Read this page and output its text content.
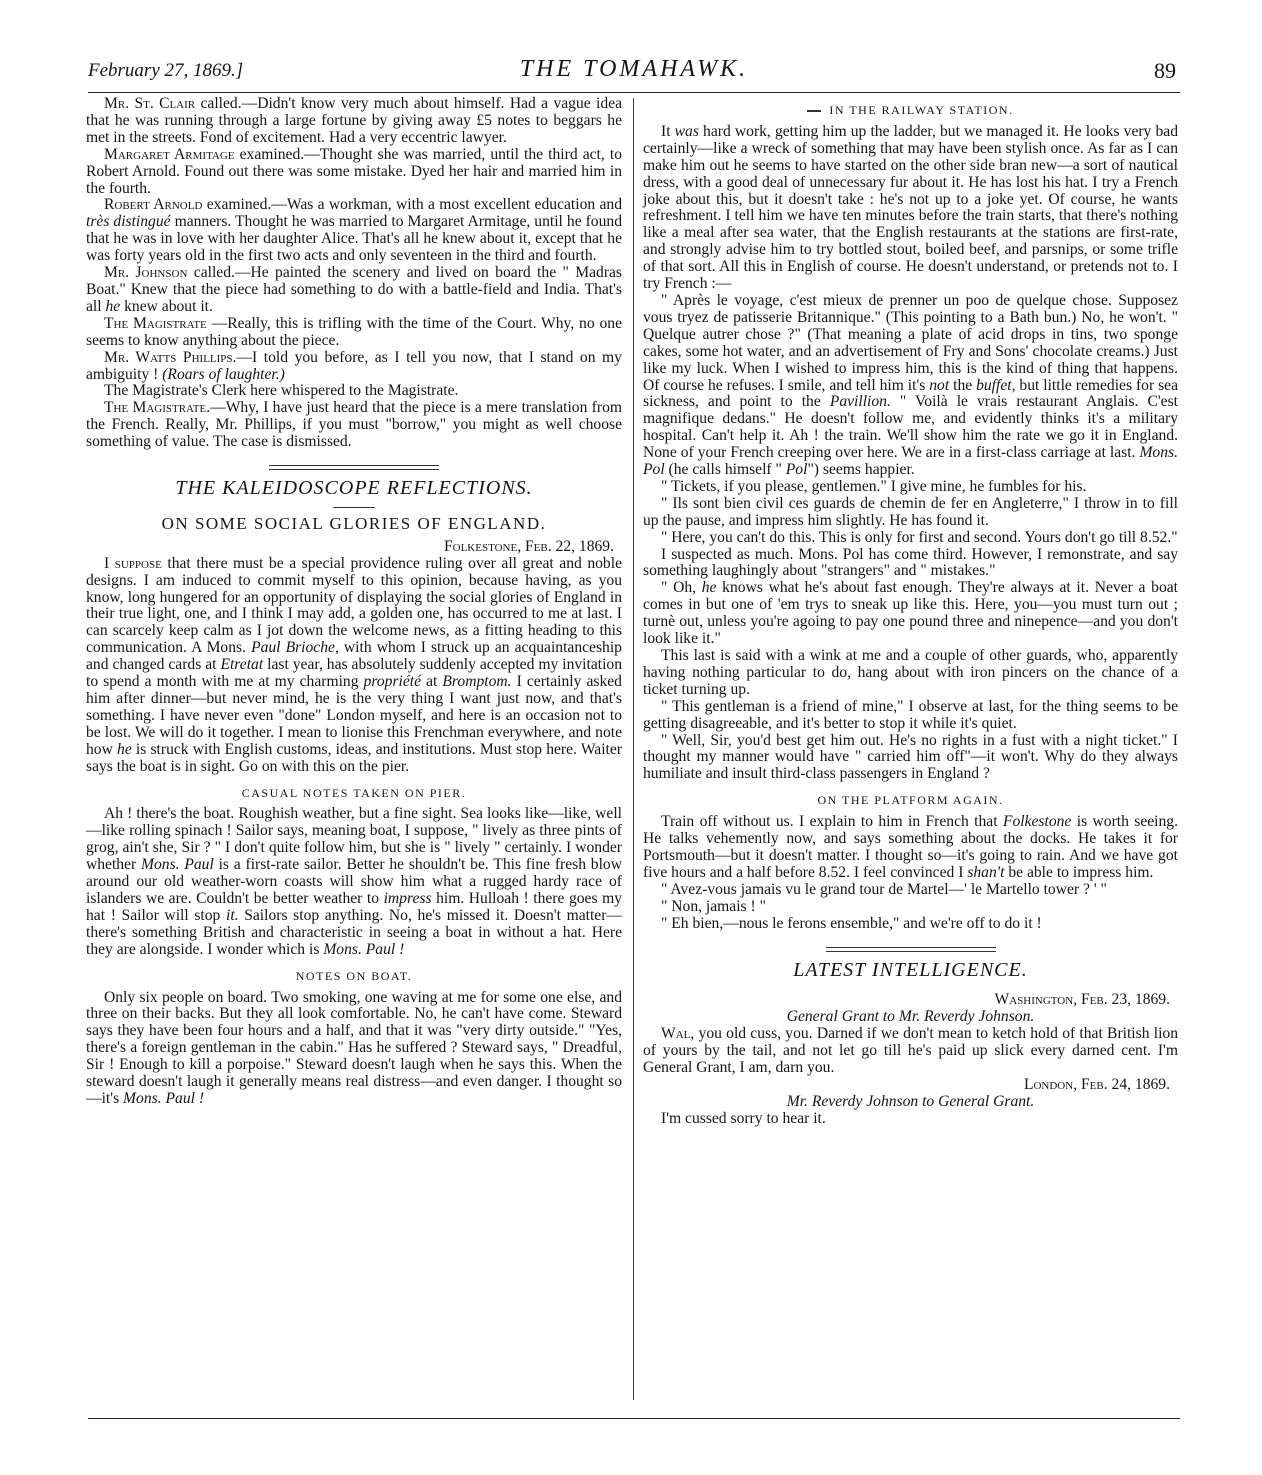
February 27, 1869.]	THE TOMAHAWK.	89

Mr. St. Clair called.—Didn't know very much about himself. Had a vague idea that he was running through a large fortune by giving away £5 notes to beggars he met in the streets. Fond of excitement. Had a very eccentric lawyer.

Margaret Armitage examined.—Thought she was married, until the third act, to Robert Arnold. Found out there was some mistake. Dyed her hair and married him in the fourth.

Robert Arnold examined.—Was a workman, with a most excellent education and très distingué manners. Thought he was married to Margaret Armitage, until he found that he was in love with her daughter Alice. That's all he knew about it, except that he was forty years old in the first two acts and only seventeen in the third and fourth.

Mr. Johnson called.—He painted the scenery and lived on board the " Madras Boat." Knew that the piece had something to do with a battle-field and India. That's all he knew about it.

The Magistrate —Really, this is trifling with the time of the Court. Why, no one seems to know anything about the piece.

Mr. Watts Phillips.—I told you before, as I tell you now, that I stand on my ambiguity ! (Roars of laughter.)

The Magistrate's Clerk here whispered to the Magistrate.

The Magistrate.—Why, I have just heard that the piece is a mere translation from the French. Really, Mr. Phillips, if you must "borrow," you might as well choose something of value. The case is dismissed.

THE KALEIDOSCOPE REFLECTIONS.
ON SOME SOCIAL GLORIES OF ENGLAND.
Folkestone, Feb. 22, 1869.

I suppose that there must be a special providence ruling over all great and noble designs. I am induced to commit myself to this opinion, because having, as you know, long hungered for an opportunity of displaying the social glories of England in their true light, one, and I think I may add, a golden one, has occurred to me at last. I can scarcely keep calm as I jot down the welcome news, as a fitting heading to this communication. A Mons. Paul Brioche, with whom I struck up an acquaintanceship and changed cards at Etretat last year, has absolutely suddenly accepted my invitation to spend a month with me at my charming propriété at Bromptom. I certainly asked him after dinner—but never mind, he is the very thing I want just now, and that's something. I have never even "done" London myself, and here is an occasion not to be lost. We will do it together. I mean to lionise this Frenchman everywhere, and note how he is struck with English customs, ideas, and institutions. Must stop here. Waiter says the boat is in sight. Go on with this on the pier.

CASUAL NOTES TAKEN ON PIER.

Ah ! there's the boat. Roughish weather, but a fine sight. Sea looks like—like, well—like rolling spinach ! Sailor says, meaning boat, I suppose, " lively as three pints of grog, ain't she, Sir ? " I don't quite follow him, but she is " lively " certainly. I wonder whether Mons. Paul is a first-rate sailor. Better he shouldn't be. This fine fresh blow around our old weather-worn coasts will show him what a rugged hardy race of islanders we are. Couldn't be better weather to impress him. Hulloah ! there goes my hat ! Sailor will stop it. Sailors stop anything. No, he's missed it. Doesn't matter—there's something British and characteristic in seeing a boat in without a hat. Here they are alongside. I wonder which is Mons. Paul !

NOTES ON BOAT.

Only six people on board. Two smoking, one waving at me for some one else, and three on their backs. But they all look comfortable. No, he can't have come. Steward says they have been four hours and a half, and that it was "very dirty outside." "Yes, there's a foreign gentleman in the cabin." Has he suffered ? Steward says, " Dreadful, Sir ! Enough to kill a porpoise." Steward doesn't laugh when he says this. When the steward doesn't laugh it generally means real distress—and even danger. I thought so—it's Mons. Paul !

IN THE RAILWAY STATION.

It was hard work, getting him up the ladder, but we managed it. He looks very bad certainly—like a wreck of something that may have been stylish once. As far as I can make him out he seems to have started on the other side bran new—a sort of nautical dress, with a good deal of unnecessary fur about it. He has lost his hat. I try a French joke about this, but it doesn't take : he's not up to a joke yet. Of course, he wants refreshment. I tell him we have ten minutes before the train starts, that there's nothing like a meal after sea water, that the English restaurants at the stations are first-rate, and strongly advise him to try bottled stout, boiled beef, and parsnips, or some trifle of that sort. All this in English of course. He doesn't understand, or pretends not to. I try French :—

" Après le voyage, c'est mieux de prenner un poo de quelque chose. Supposez vous tryez de patisserie Britannique." (This pointing to a Bath bun.) No, he won't. " Quelque autrer chose ?" (That meaning a plate of acid drops in tins, two sponge cakes, some hot water, and an advertisement of Fry and Sons' chocolate creams.) Just like my luck. When I wished to impress him, this is the kind of thing that happens. Of course he refuses. I smile, and tell him it's not the buffet, but little remedies for sea sickness, and point to the Pavillion. " Voilà le vrais restaurant Anglais. C'est magnifique dedans." He doesn't follow me, and evidently thinks it's a military hospital. Can't help it. Ah ! the train. We'll show him the rate we go it in England. None of your French creeping over here. We are in a first-class carriage at last. Mons. Pol (he calls himself " Pol") seems happier.

" Tickets, if you please, gentlemen." I give mine, he fumbles for his.

" Ils sont bien civil ces guards de chemin de fer en Angleterre," I throw in to fill up the pause, and impress him slightly. He has found it.

" Here, you can't do this. This is only for first and second. Yours don't go till 8.52."

I suspected as much. Mons. Pol has come third. However, I remonstrate, and say something laughingly about "strangers" and " mistakes."

" Oh, he knows what he's about fast enough. They're always at it. Never a boat comes in but one of 'em trys to sneak up like this. Here, you—you must turn out ; turnè out, unless you're agoing to pay one pound three and ninepence—and you don't look like it."

This last is said with a wink at me and a couple of other guards, who, apparently having nothing particular to do, hang about with iron pincers on the chance of a ticket turning up.

" This gentleman is a friend of mine," I observe at last, for the thing seems to be getting disagreeable, and it's better to stop it while it's quiet.

" Well, Sir, you'd best get him out. He's no rights in a fust with a night ticket." I thought my manner would have " carried him off"—it won't. Why do they always humiliate and insult third-class passengers in England ?

ON THE PLATFORM AGAIN.

Train off without us. I explain to him in French that Folkestone is worth seeing. He talks vehemently now, and says something about the docks. He takes it for Portsmouth—but it doesn't matter. I thought so—it's going to rain. And we have got five hours and a half before 8.52. I feel convinced I shan't be able to impress him.

" Avez-vous jamais vu le grand tour de Martel—' le Martello tower ? ' "

" Non, jamais ! "

" Eh bien,—nous le ferons ensemble," and we're off to do it !

LATEST INTELLIGENCE.
Washington, Feb. 23, 1869.
General Grant to Mr. Reverdy Johnson.

Wal, you old cuss, you. Darned if we don't mean to ketch hold of that British lion of yours by the tail, and not let go till he's paid up slick every darned cent. I'm General Grant, I am, darn you.

London, Feb. 24, 1869.
Mr. Reverdy Johnson to General Grant.

I'm cussed sorry to hear it.
